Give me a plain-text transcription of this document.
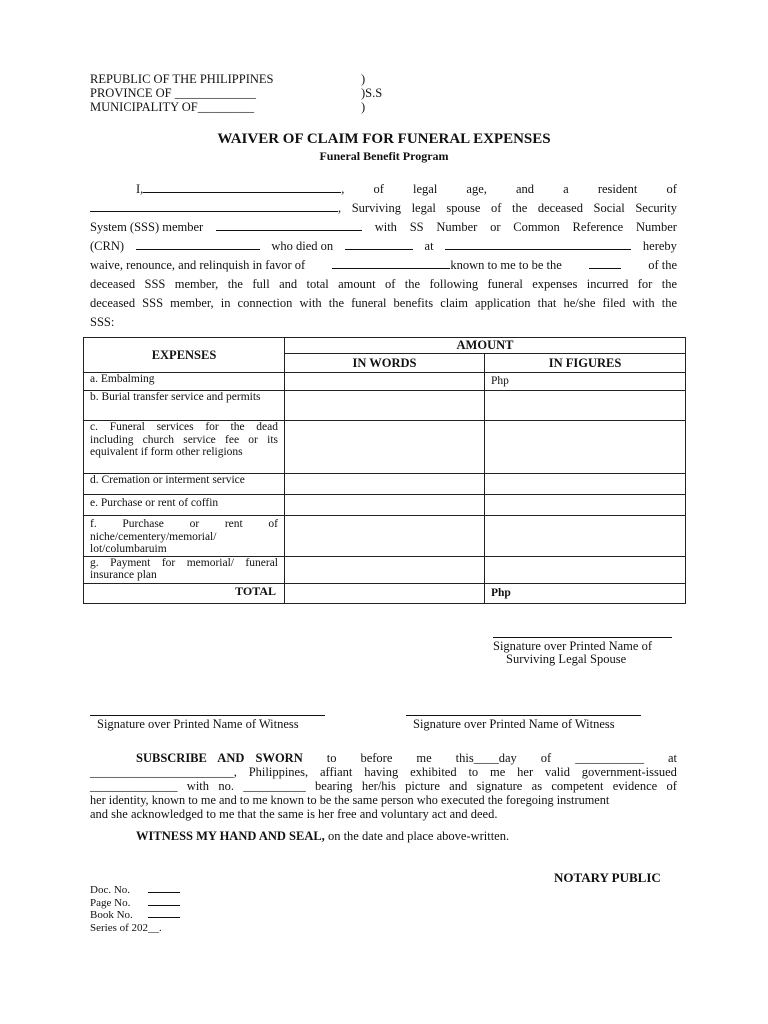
REPUBLIC OF THE PHILIPPINES
PROVINCE OF _____________
MUNICIPALITY OF_________
)
)S.S
)
WAIVER OF CLAIM FOR FUNERAL EXPENSES
Funeral Benefit Program
I,	, of legal age, and a resident of
, Surviving legal spouse of the deceased Social Security
System (SSS) member	with SS Number or Common Reference Number
(CRN)	who died on	at	hereby
waive, renounce, and relinquish in favor of	known to me to be the	of the
deceased SSS member, the full and total amount of the following funeral expenses incurred for the
deceased SSS member, in connection with the funeral benefits claim application that he/she filed with the
SSS:
EXPENSES	AMOUNT	
	IN WORDS	IN FIGURES
a. Embalming		Php
b. Burial transfer service and permits		
c. Funeral services for the dead including church service fee or its equivalent if form other religions		
d. Cremation or interment service		
e. Purchase or rent of coffin		
f. Purchase or rent of niche/cementery/memorial/ lot/columbaruim		
g. Payment for memorial/ funeral insurance plan		
TOTAL		Php
Signature over Printed Name of
Surviving Legal Spouse
Signature over Printed Name of Witness	Signature over Printed Name of Witness
SUBSCRIBE AND SWORN to before me this____day of ___________ at
_______________________, Philippines, affiant having exhibited to me her valid government-issued
______________ with no. __________ bearing her/his picture and signature as competent evidence of
her identity, known to me and to me known to be the same person who executed the foregoing instrument
and she acknowledged to me that the same is her free and voluntary act and deed.
WITNESS MY HAND AND SEAL, on the date and place above-written.
NOTARY PUBLIC
Doc. No.
Page No.
Book No.
Series of 202__.
